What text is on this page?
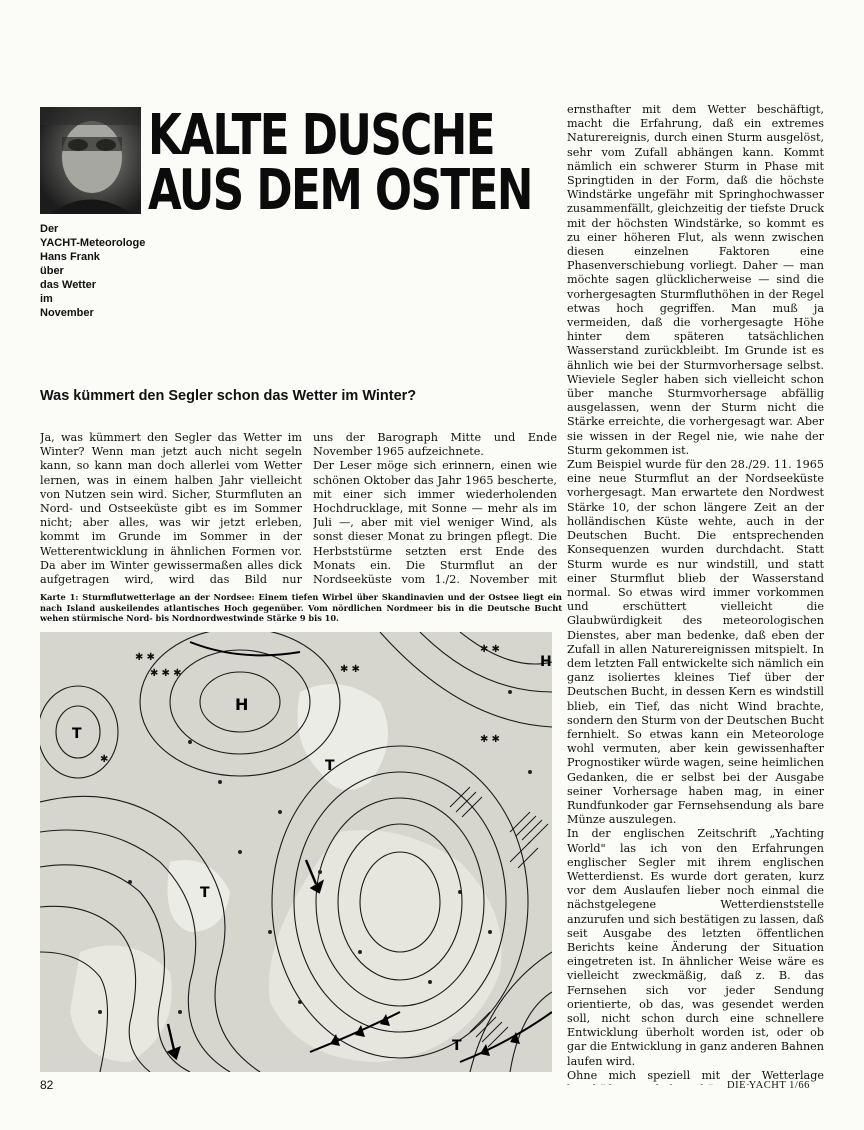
KALTE DUSCHE
AUS DEM OSTEN
Der
YACHT-Meteorologe
Hans Frank
über
das Wetter
im
November
Was kümmert den Segler schon das Wetter im Winter?

Ja, was kümmert den Segler das Wetter im Winter? Wenn man jetzt auch nicht segeln kann, so kann man doch allerlei vom Wetter lernen, was in einem halben Jahr vielleicht von Nutzen sein wird. Sicher, Sturmfluten an Nord- und Ostseeküste gibt es im Sommer nicht; aber alles, was wir jetzt erleben, kommt im Grunde im Sommer in der Wetterentwicklung in ähnlichen Formen vor. Da aber im Winter gewissermaßen alles dick aufgetragen wird, wird das Bild nur

uns der Barograph Mitte und Ende November 1965 aufzeichnete.

Der Leser möge sich erinnern, einen wie schönen Oktober das Jahr 1965 bescherte, mit einer sich immer wiederholenden Hochdrucklage, mit Sonne — mehr als im Juli —, aber mit viel weniger Wind, als sonst dieser Monat zu bringen pflegt. Die Herbststürme setzten erst Ende des Monats ein. Die Sturmflut an der Nordseeküste vom 1./2. November mit

ernsthafter mit dem Wetter beschäftigt, macht die Erfahrung, daß ein extremes Naturereignis, durch einen Sturm ausgelöst, sehr vom Zufall abhängen kann. Kommt nämlich ein schwerer Sturm in Phase mit Springtiden in der Form, daß die höchste Windstärke ungefähr mit Springhochwasser zusammenfällt, gleichzeitig der tiefste Druck mit der höchsten Windstärke, so kommt es zu einer höheren Flut, als wenn zwischen diesen einzelnen Faktoren eine Phasenverschiebung vorliegt. Daher — man möchte sagen glücklicherweise — sind die vorhergesagten Sturmfluthöhen in der Regel etwas hoch gegriffen. Man muß ja vermeiden, daß die vorhergesagte Höhe hinter dem späteren tatsächlichen Wasserstand zurückbleibt. Im Grunde ist es ähnlich wie bei der Sturmvorhersage selbst. Wieviele Segler haben sich vielleicht schon über manche Sturmvorhersage abfällig ausgelassen, wenn der Sturm nicht die Stärke erreichte, die vorhergesagt war. Aber sie wissen in der Regel nie, wie nahe der Sturm gekommen ist.

Zum Beispiel wurde für den 28./29. 11. 1965 eine neue Sturmflut an der Nordseeküste vorhergesagt. Man erwartete den Nordwest Stärke 10, der schon längere Zeit an der holländischen Küste wehte, auch in der Deutschen Bucht. Die entsprechenden Konsequenzen wurden durchdacht. Statt Sturm wurde es nur windstill, und statt einer Sturmflut blieb der Wasserstand normal. So etwas wird immer vorkommen und erschüttert vielleicht die Glaubwürdigkeit des meteorologischen Dienstes, aber man bedenke, daß eben der Zufall in allen Naturereignissen mitspielt. In dem letzten Fall entwickelte sich nämlich ein ganz isoliertes kleines Tief über der Deutschen Bucht, in dessen Kern es windstill blieb, ein Tief, das nicht Wind brachte, sondern den Sturm von der Deutschen Bucht fernhielt. So etwas kann ein Meteorologe wohl vermuten, aber kein gewissenhafter Prognostiker würde wagen, seine heimlichen Gedanken, die er selbst bei der Ausgabe seiner Vorhersage haben mag, in einer Rundfunkoder gar Fernsehsendung als bare Münze auszulegen.

In der englischen Zeitschrift „Yachting World" las ich von den Erfahrungen englischer Segler mit ihrem englischen Wetterdienst. Es wurde dort geraten, kurz vor dem Auslaufen lieber noch einmal die nächstgelegene Wetterdienststelle anzurufen und sich bestätigen zu lassen, daß seit Ausgabe des letzten öffentlichen Berichts keine Änderung der Situation eingetreten ist. In ähnlicher Weise wäre es vielleicht zweckmäßig, daß z. B. das Fernsehen sich vor jeder Sendung orientierte, ob das, was gesendet werden soll, nicht schon durch eine schnellere Entwicklung überholt worden ist, oder ob gar die Entwicklung in ganz anderen Bahnen laufen wird.

Ohne mich speziell mit der Wetterlage

Karte 1: Sturmflutwetterlage an der Nordsee: Einem tiefen Wirbel über Skandinavien und der Ostsee liegt ein nach Island auskeilendes atlantisches Hoch gegenüber. Vom nördlichen Nordmeer bis in die Deutsche Bucht wehen stürmische Nord- bis Nordnordwestwinde Stärke 9 bis 10.
✱ ✱
✱ ✱ ✱	✱ ✱
✱ ✱
✱ ✱
✱
H
H
T
T
T
T
82	DIE YACHT 1/66
